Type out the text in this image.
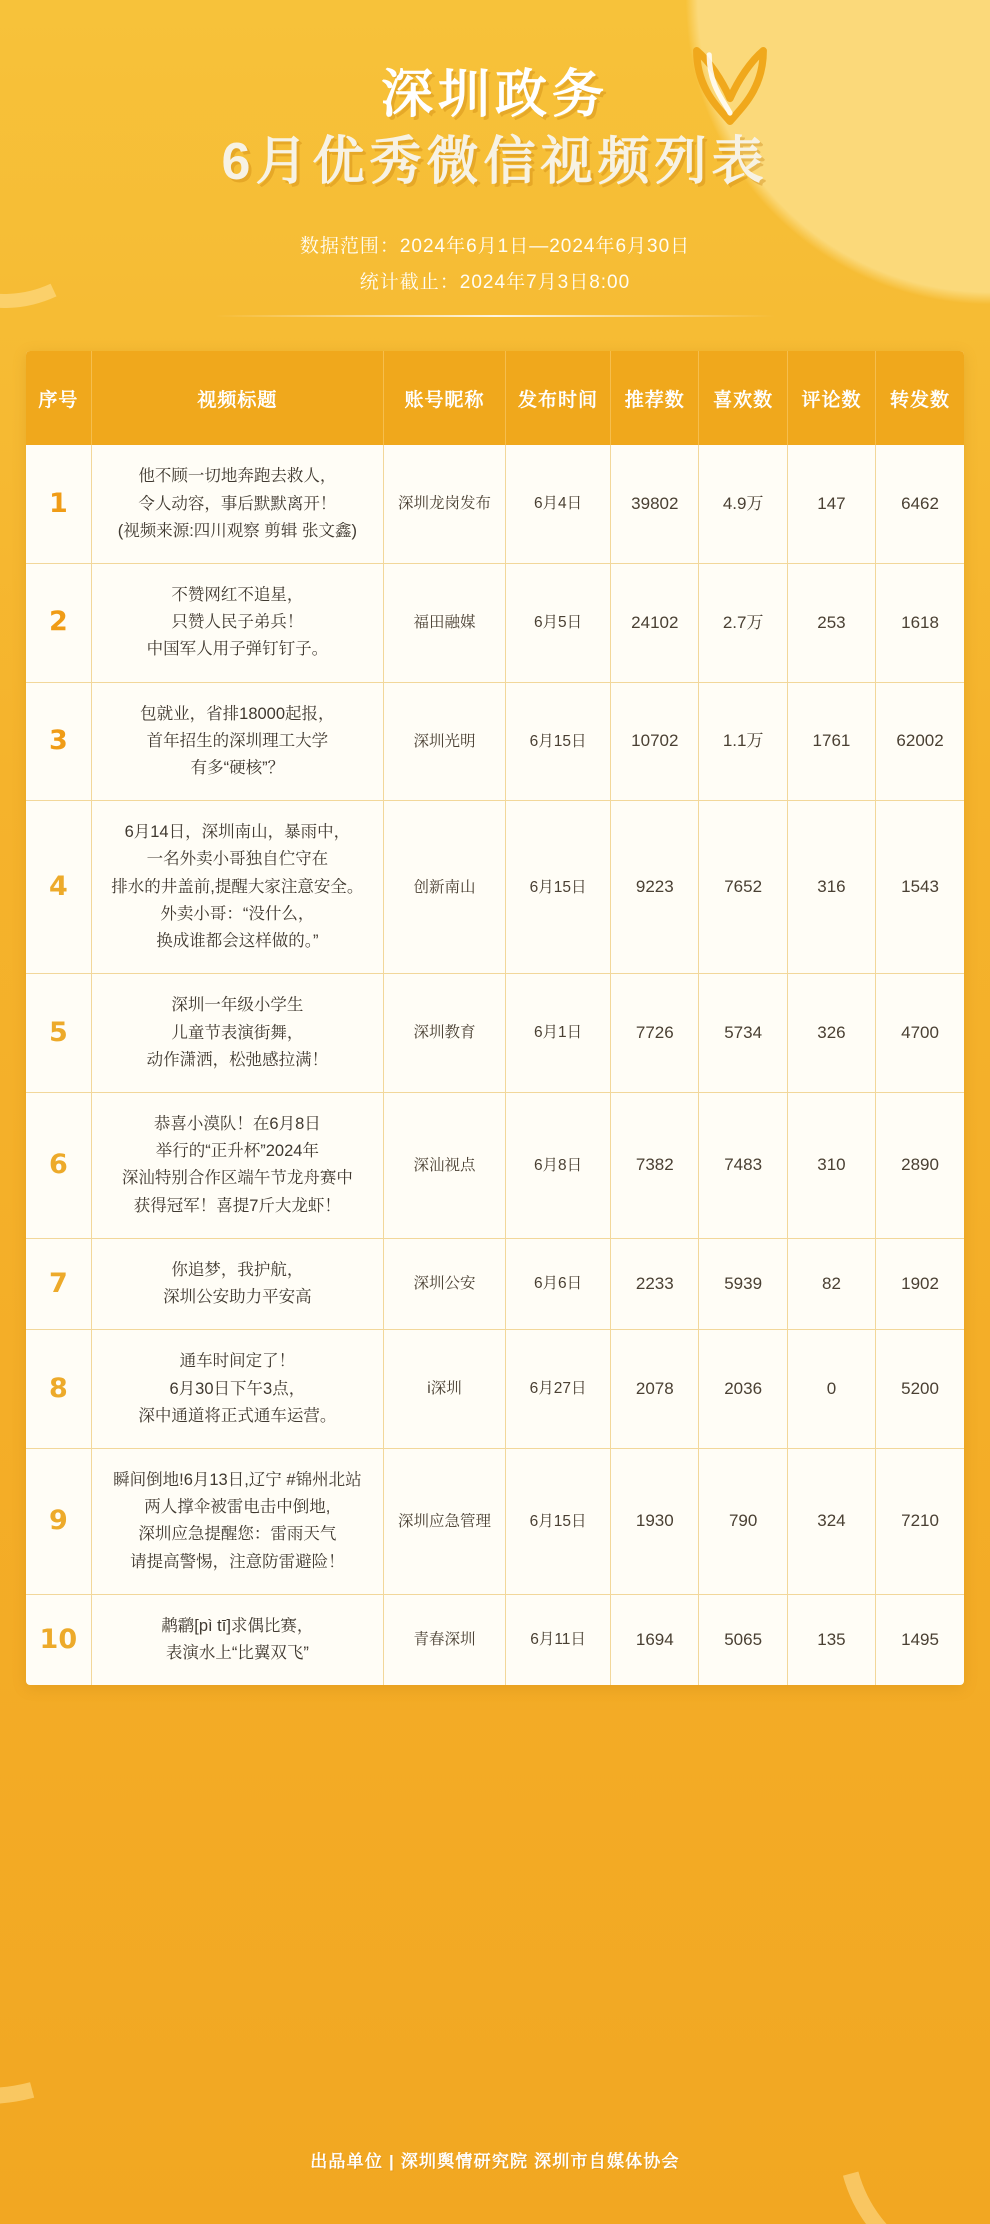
深圳政务
6月优秀微信视频列表
数据范围：2024年6月1日—2024年6月30日
统计截止：2024年7月3日8:00
序号	视频标题	账号昵称	发布时间	推荐数	喜欢数	评论数	转发数
1	他不顾一切地奔跑去救人，
令人动容，事后默默离开！
(视频来源:四川观察 剪辑 张文鑫)	深圳龙岗发布	6月4日	39802	4.9万	147	6462
2	不赞网红不追星，
只赞人民子弟兵！
中国军人用子弹钉钉子。	福田融媒	6月5日	24102	2.7万	253	1618
3	包就业，省排18000起报，
首年招生的深圳理工大学
有多“硬核”？	深圳光明	6月15日	10702	1.1万	1761	62002
4	6月14日，深圳南山，暴雨中，
一名外卖小哥独自伫守在
排水的井盖前,提醒大家注意安全。
外卖小哥：“没什么，
换成谁都会这样做的。”	创新南山	6月15日	9223	7652	316	1543
5	深圳一年级小学生
儿童节表演街舞，
动作潇洒，松弛感拉满！	深圳教育	6月1日	7726	5734	326	4700
6	恭喜小漠队！在6月8日
举行的“正升杯”2024年
深汕特别合作区端午节龙舟赛中
获得冠军！喜提7斤大龙虾！	深汕视点	6月8日	7382	7483	310	2890
7	你追梦，我护航，
深圳公安助力平安高	深圳公安	6月6日	2233	5939	82	1902
8	通车时间定了！
6月30日下午3点，
深中通道将正式通车运营。	i深圳	6月27日	2078	2036	0	5200
9	瞬间倒地!6月13日,辽宁 #锦州北站
两人撑伞被雷电击中倒地,
深圳应急提醒您：雷雨天气
请提高警惕，注意防雷避险！	深圳应急管理	6月15日	1930	790	324	7210
10	鹔鹴[pì tī]求偶比赛，
表演水上“比翼双飞”	青春深圳	6月11日	1694	5065	135	1495
出品单位 | 深圳舆情研究院 深圳市自媒体协会
